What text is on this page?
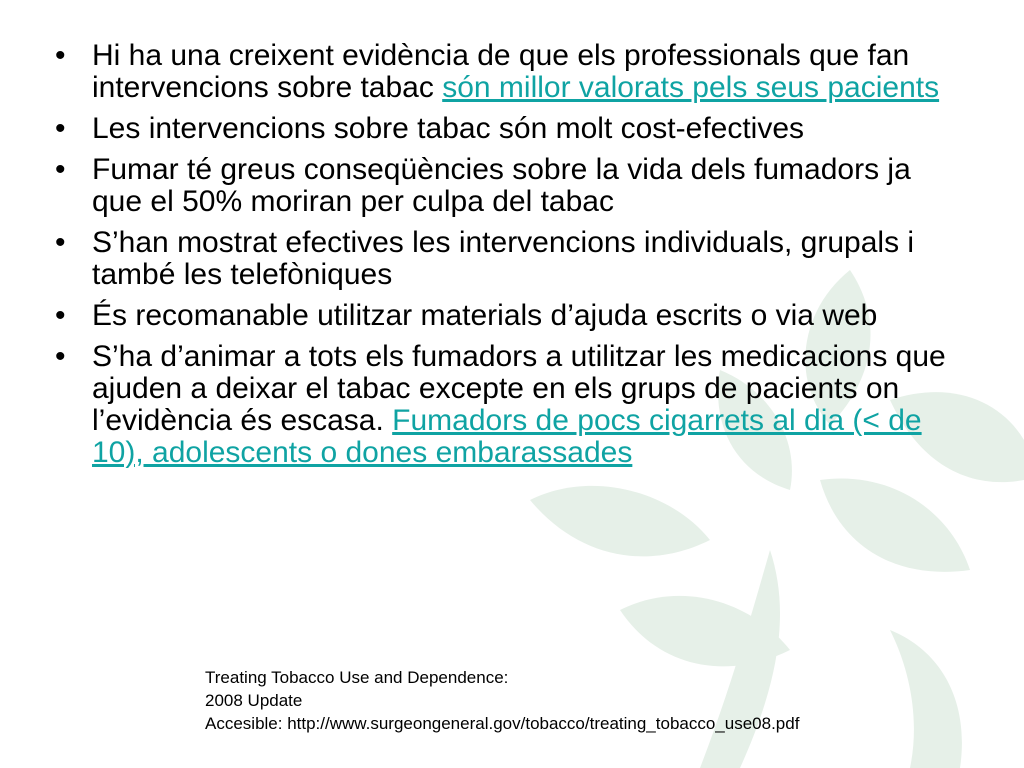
• Hi ha una creixent evidència de que els professionals que fan intervencions sobre tabac són millor valorats pels seus pacients
• Les intervencions sobre tabac són molt cost-efectives
• Fumar té greus conseqüències sobre la vida dels fumadors ja que el 50% moriran per culpa del tabac
• S’han mostrat efectives les intervencions individuals, grupals i també les telefòniques
• És recomanable utilitzar materials d’ajuda escrits o via web
• S’ha d’animar a tots els fumadors a utilitzar les medicacions que ajuden a deixar el tabac excepte en els grups de pacients on l’evidència és escasa. Fumadors de pocs cigarrets al dia (< de 10), adolescents o dones embarassades
Treating Tobacco Use and Dependence:
2008 Update
Accesible: http://www.surgeongeneral.gov/tobacco/treating_tobacco_use08.pdf
